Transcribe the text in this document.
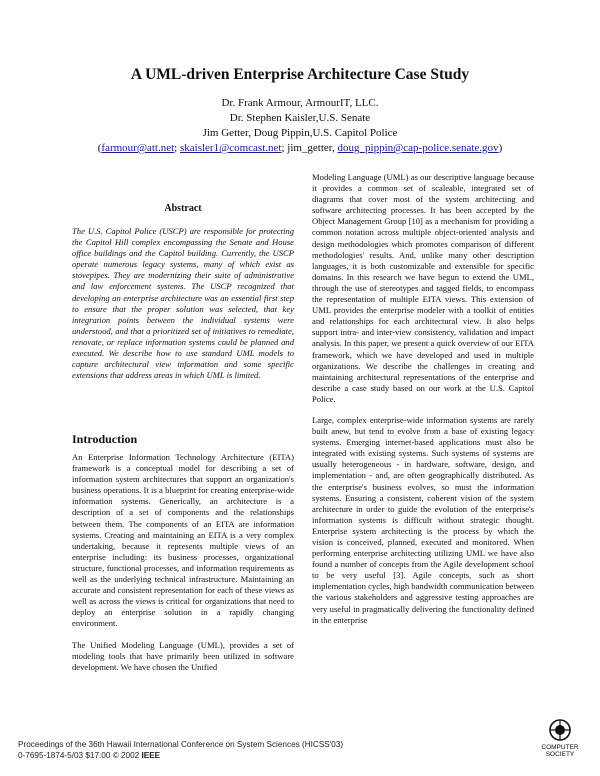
A UML-driven Enterprise Architecture Case Study
Dr. Frank Armour, ArmourIT, LLC.
Dr. Stephen Kaisler,U.S. Senate
Jim Getter, Doug Pippin,U.S. Capitol Police
(farmour@att.net; skaisler1@comcast.net; jim_getter, doug_pippin@cap-police.senate.gov)
Abstract

The U.S. Capitol Police (USCP) are responsible for protecting the Capitol Hill complex encompassing the Senate and House office buildings and the Capitol building. Currently, the USCP operate numerous legacy systems, many of which exist as stovepipes. They are modernizing their suite of administrative and law enforcement systems. The USCP recognized that developing an enterprise architecture was an essential first step to ensure that the proper solution was selected, that key integration points between the individual systems were understood, and that a prioritized set of initiatives to remediate, renovate, or replace information systems could be planned and executed. We describe how to use standard UML models to capture architectural view information and some specific extensions that address areas in which UML is limited.

Introduction

An Enterprise Information Technology Architecture (EITA) framework is a conceptual model for describing a set of information system architectures that support an organization's business operations. It is a blueprint for creating enterprise-wide information systems. Generically, an architecture is a description of a set of components and the relationships between them. The components of an EITA are information systems. Creating and maintaining an EITA is a very complex undertaking, because it represents multiple views of an enterprise including: its business processes, organizational structure, functional processes, and information requirements as well as the underlying technical infrastructure. Maintaining an accurate and consistent representation for each of these views as well as across the views is critical for organizations that need to deploy an enterprise solution in a rapidly changing environment.

The Unified Modeling Language (UML), provides a set of modeling tools that have primarily been utilized in software development. We have chosen the Unified

Modeling Language (UML) as our descriptive language because it provides a common set of scaleable, integrated set of diagrams that cover most of the system architecting and software architecting processes. It has been accepted by the Object Management Group [10] as a mechanism for providing a common notation across multiple object-oriented analysis and design methodologies which promotes comparison of different methodologies' results. And, unlike many other description languages, it is both customizable and extensible for specific domains. In this research we have begun to extend the UML, through the use of stereotypes and tagged fields, to encompass the representation of multiple EITA views. This extension of UML provides the enterprise modeler with a toolkit of entities and relationships for each architectural view. It also helps support intra- and inter-view consistency, validation and impact analysis. In this paper, we present a quick overview of our EITA framework, which we have developed and used in multiple organizations. We describe the challenges in creating and maintaining architectural representations of the enterprise and describe a case study based on our work at the U.S. Capitol Police.

Large, complex enterprise-wide information systems are rarely built anew, but tend to evolve from a base of existing legacy systems. Emerging internet-based applications must also be integrated with existing systems. Such systems of systems are usually heterogeneous - in hardware, software, design, and implementation - and, are often geographically distributed. As the enterprise's business evolves, so must the information systems. Ensuring a consistent, coherent vision of the system architecture in order to guide the evolution of the enterprise's information systems is difficult without strategic thought. Enterprise system architecting is the process by which the vision is conceived, planned, executed and monitored. When performing enterprise architecting utilizing UML we have also found a number of concepts from the Agile development school to be very useful [3]. Agile concepts, such as short implementation cycles, high bandwidth communication between the various stakeholders and aggressive testing approaches are very useful in pragmatically delivering the functionality defined in the enterprise

Proceedings of the 36th Hawaii International Conference on System Sciences (HICSS'03)
0-7695-1874-5/03 $17.00 © 2002 IEEE
COMPUTER
SOCIETY
